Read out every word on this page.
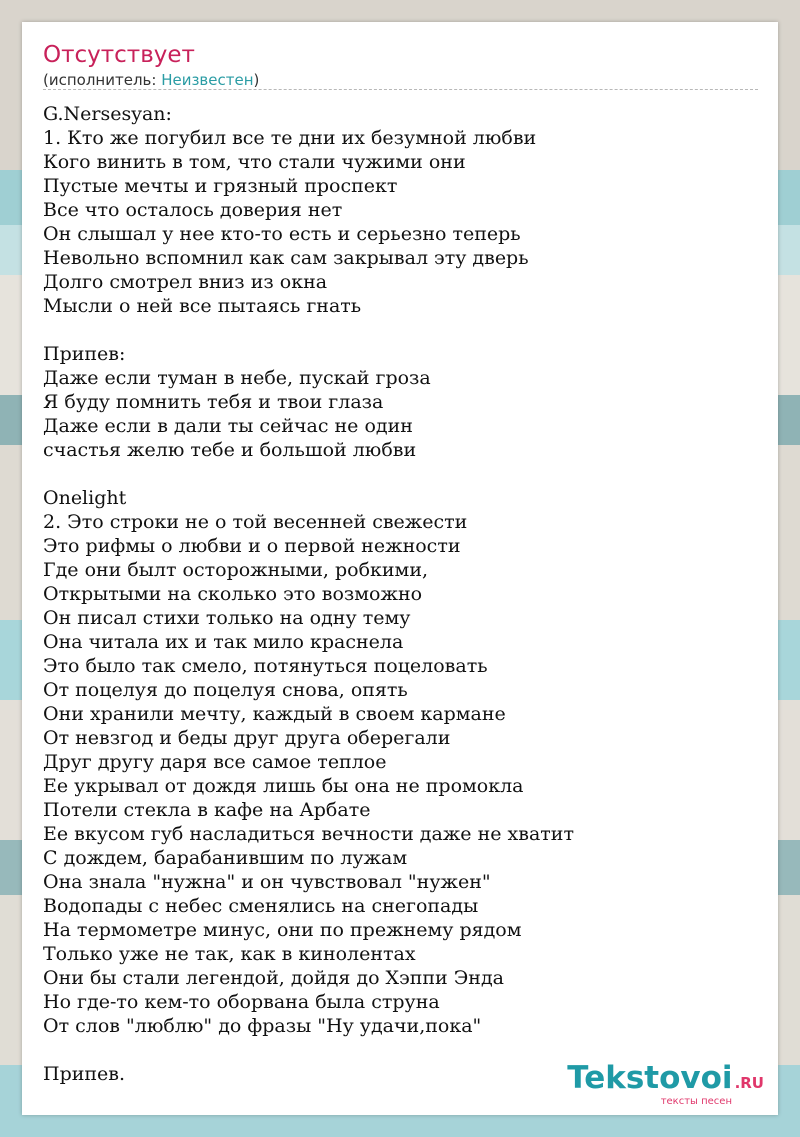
Отсутствует
(исполнитель: Неизвестен)
G.Nersesyan:
1. Кто же погубил все те дни их безумной любви
Кого винить в том, что стали чужими они
Пустые мечты и грязный проспект
Все что осталось доверия нет
Он слышал у нее кто-то есть и серьезно теперь
Невольно вспомнил как сам закрывал эту дверь
Долго смотрел вниз из окна
Мысли о ней все пытаясь гнать
Припев:
Даже если туман в небе, пускай гроза
Я буду помнить тебя и твои глаза
Даже если в дали ты сейчас не один
счастья желю тебе и большой любви
Onelight
2. Это строки не о той весенней свежести
Это рифмы о любви и о первой нежности
Где они былт осторожными, робкими,
Открытыми на сколько это возможно
Он писал стихи только на одну тему
Она читала их и так мило краснела
Это было так смело, потянуться поцеловать
От поцелуя до поцелуя снова, опять
Они хранили мечту, каждый в своем кармане
От невзгод и беды друг друга оберегали
Друг другу даря все самое теплое
Ее укрывал от дождя лишь бы она не промокла
Потели стекла в кафе на Арбате
Ее вкусом губ насладиться вечности даже не хватит
С дождем, барабанившим по лужам
Она знала "нужна" и он чувствовал "нужен"
Водопады с небес сменялись на снегопады
На термометре минус, они по прежнему рядом
Только уже не так, как в кинолентах
Они бы стали легендой, дойдя до Хэппи Энда
Но где-то кем-то оборвана была струна
От слов "люблю" до фразы "Ну удачи,пока"
Припев.	Tekstovoi .RU
тексты песен
